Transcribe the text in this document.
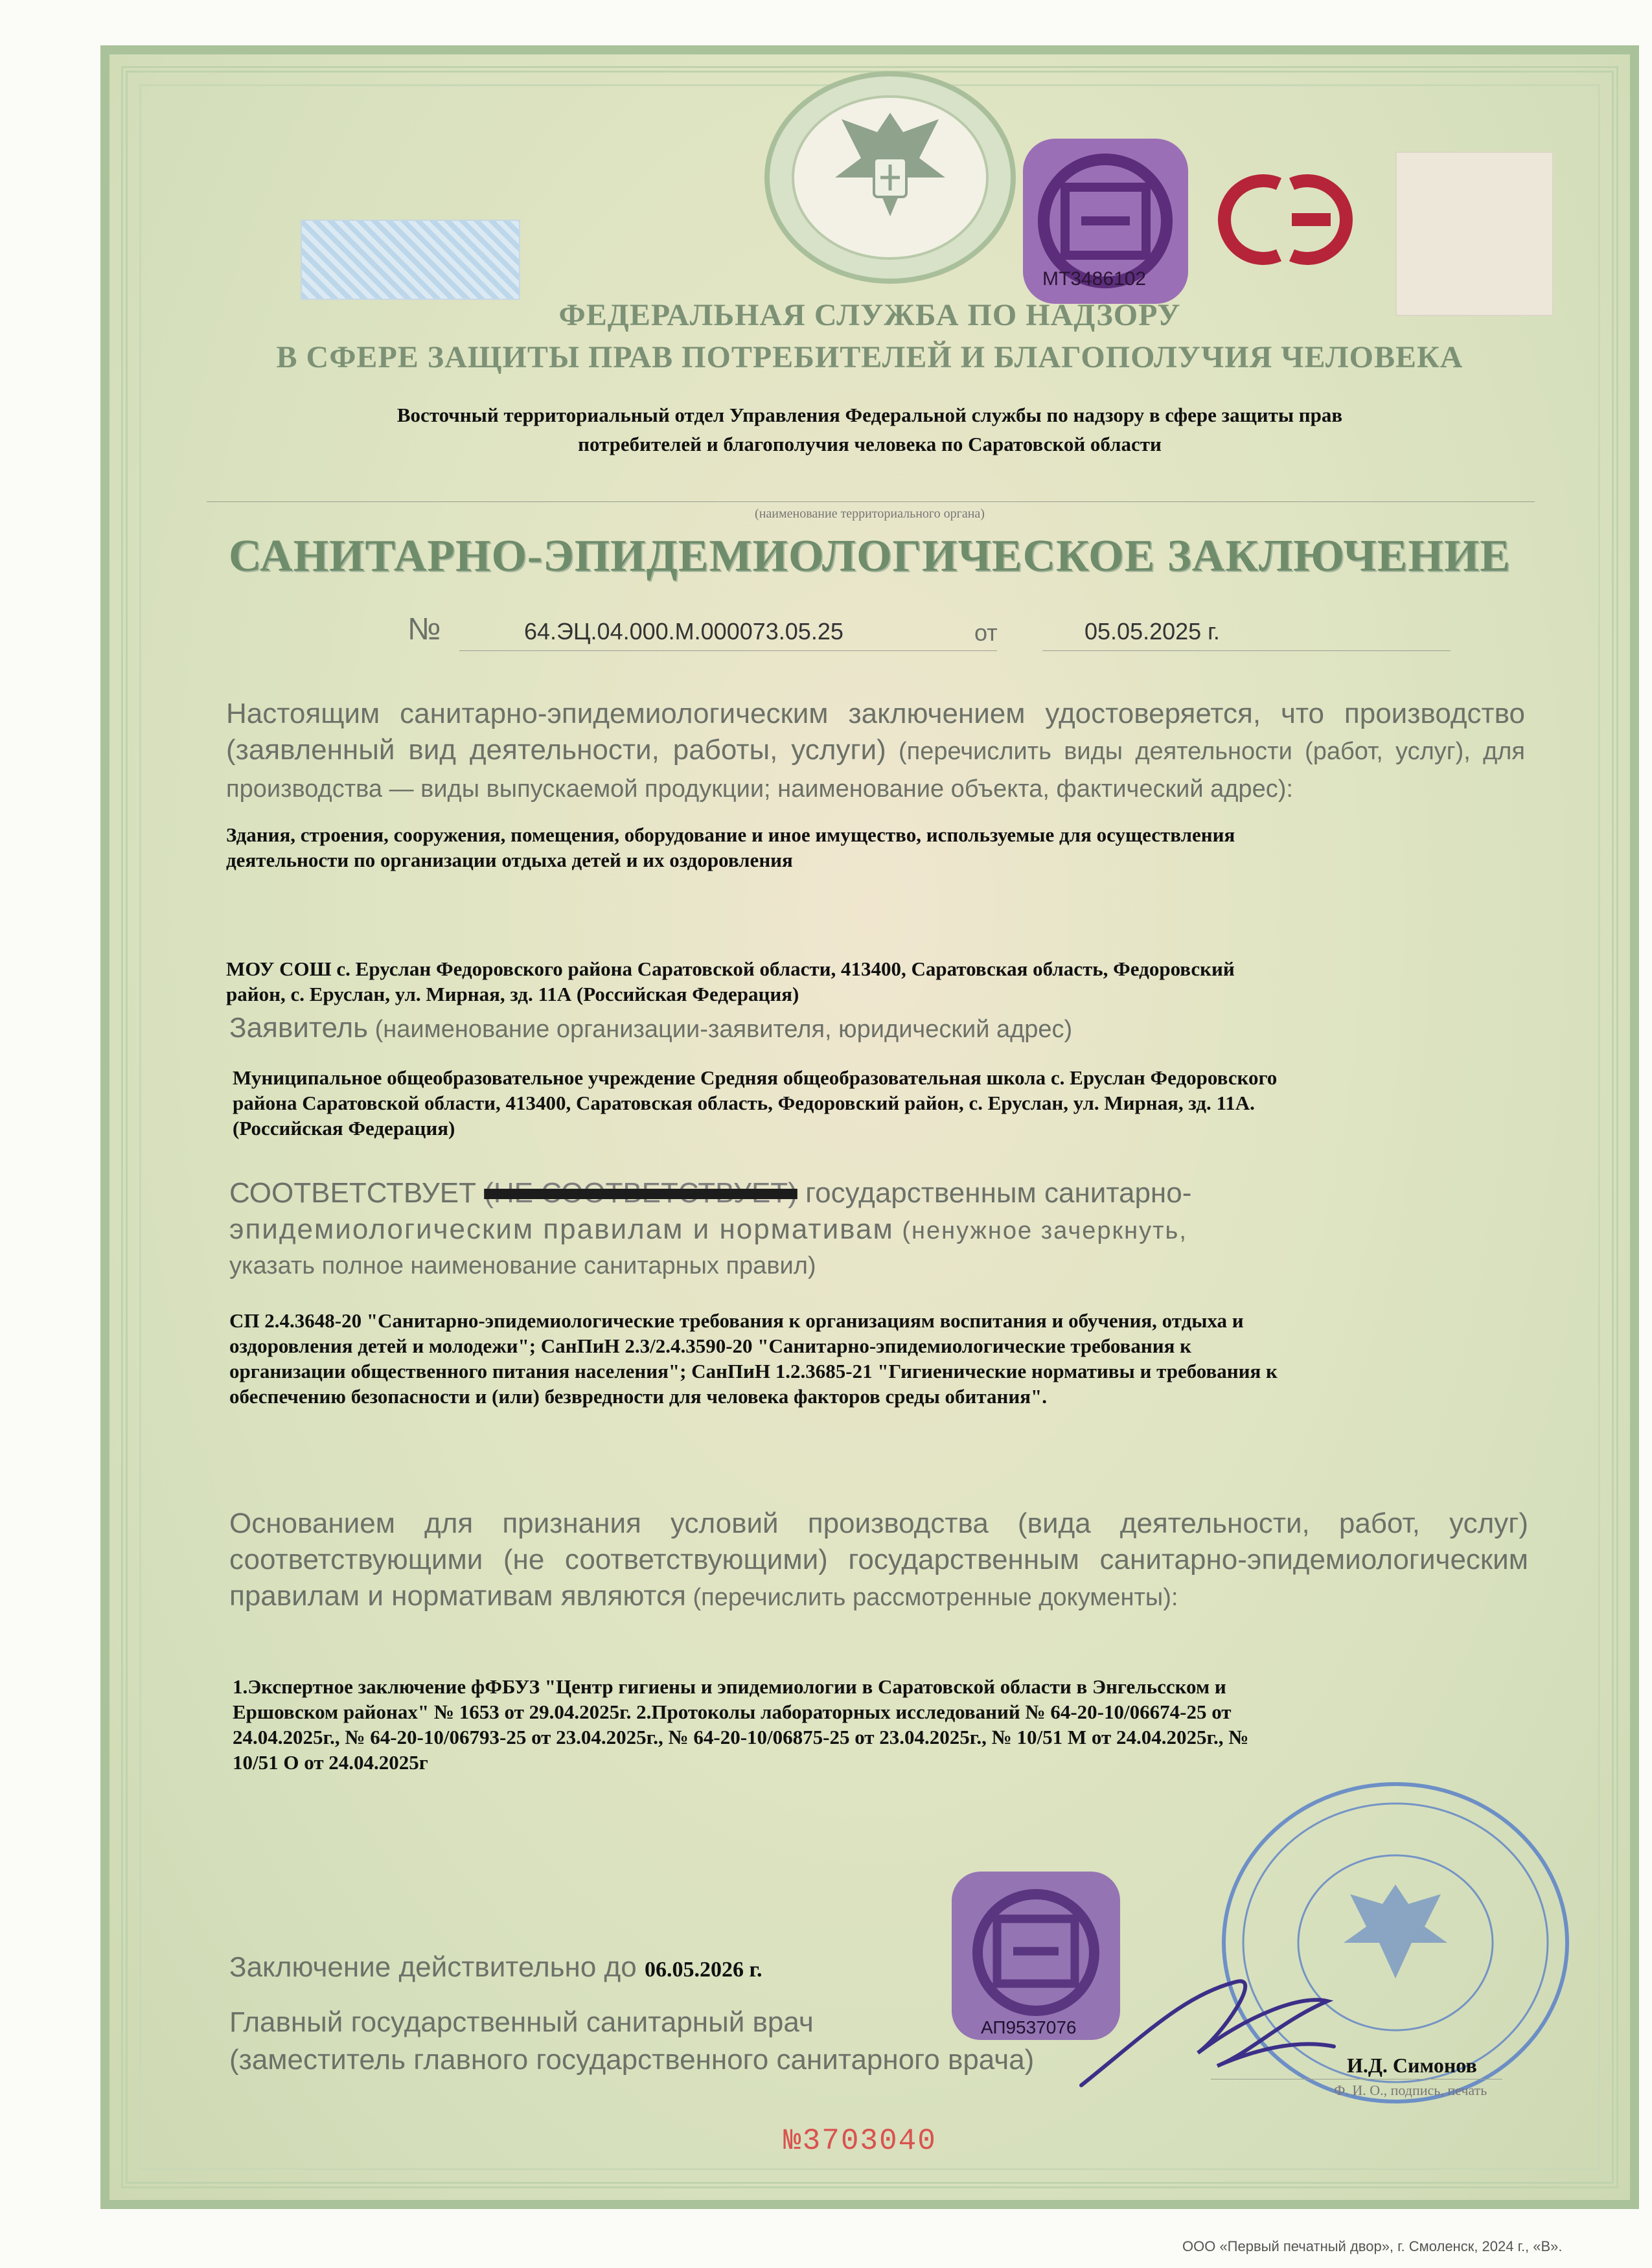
МТ3486102
ФЕДЕРАЛЬНАЯ СЛУЖБА ПО НАДЗОРУ
В СФЕРЕ ЗАЩИТЫ ПРАВ ПОТРЕБИТЕЛЕЙ И БЛАГОПОЛУЧИЯ ЧЕЛОВЕКА
Восточный территориальный отдел Управления Федеральной службы по надзору в сфере защиты прав
потребителей и благополучия человека по Саратовской области
(наименование территориального органа)
САНИТАРНО-ЭПИДЕМИОЛОГИЧЕСКОЕ ЗАКЛЮЧЕНИЕ
№	64.ЭЦ.04.000.М.000073.05.25	от	05.05.2025 г.
Настоящим санитарно-эпидемиологическим заключением удостоверяется, что производство (заявленный вид деятельности, работы, услуги) (перечислить виды деятельности (работ, услуг), для производства — виды выпускаемой продукции; наименование объекта, фактический адрес):
Здания, строения, сооружения, помещения, оборудование и иное имущество, используемые для осуществления
деятельности по организации отдыха детей и их оздоровления
МОУ СОШ с. Еруслан Федоровского района Саратовской области, 413400, Саратовская область, Федоровский
район, с. Еруслан, ул. Мирная, зд. 11А (Российская Федерация)
Заявитель (наименование организации-заявителя, юридический адрес)
Муниципальное общеобразовательное учреждение Средняя общеобразовательная школа с. Еруслан Федоровского
района Саратовской области, 413400, Саратовская область, Федоровский район, с. Еруслан, ул. Мирная, зд. 11А.
(Российская Федерация)
СООТВЕТСТВУЕТ (НЕ СООТВЕТСТВУЕТ) государственным санитарно-
эпидемиологическим правилам и нормативам (ненужное зачеркнуть,
указать полное наименование санитарных правил)
СП 2.4.3648-20 "Санитарно-эпидемиологические требования к организациям воспитания и обучения, отдыха и
оздоровления детей и молодежи"; СанПиН 2.3/2.4.3590-20 "Санитарно-эпидемиологические требования к
организации общественного питания населения"; СанПиН 1.2.3685-21 "Гигиенические нормативы и требования к
обеспечению безопасности и (или) безвредности для человека факторов среды обитания".
Основанием для признания условий производства (вида деятельности, работ, услуг) соответствующими (не соответствующими) государственным санитарно-эпидемиологическим правилам и нормативам являются (перечислить рассмотренные документы):
1.Экспертное заключение фФБУЗ "Центр гигиены и эпидемиологии в Саратовской области в Энгельсском и
Ершовском районах" № 1653 от 29.04.2025г. 2.Протоколы лабораторных исследований № 64-20-10/06674-25 от
24.04.2025г., № 64-20-10/06793-25 от 23.04.2025г., № 64-20-10/06875-25 от 23.04.2025г., № 10/51 М от 24.04.2025г., №
10/51 О от 24.04.2025г
АП9537076
Заключение действительно до 06.05.2026 г.
Главный государственный санитарный врач
(заместитель главного государственного санитарного врача)	И.Д. Симонов
Ф. И. О., подпись, печать
№3703040
ООО «Первый печатный двор», г. Смоленск, 2024 г., «В».
